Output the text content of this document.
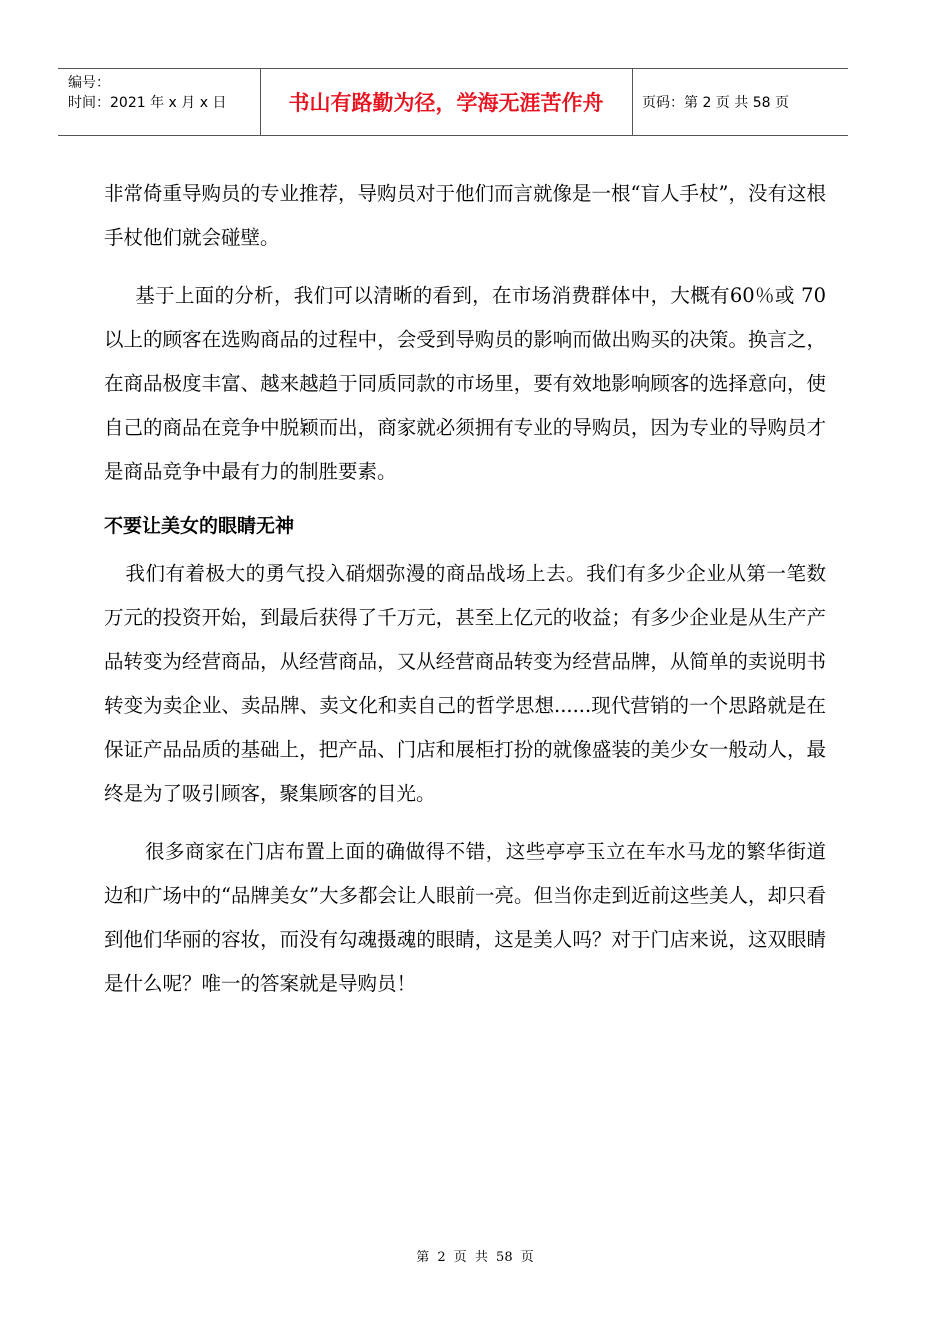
编号：
时间：2021 年 x 月 x 日	书山有路勤为径，学海无涯苦作舟	页码：第 2 页 共 58 页

非常倚重导购员的专业推荐，导购员对于他们而言就像是一根“盲人手杖”，没有这根手杖他们就会碰壁。

基于上面的分析，我们可以清晰的看到，在市场消费群体中，大概有60％或 70 以上的顾客在选购商品的过程中，会受到导购员的影响而做出购买的决策。换言之，在商品极度丰富、越来越趋于同质同款的市场里，要有效地影响顾客的选择意向，使自己的商品在竞争中脱颖而出，商家就必须拥有专业的导购员，因为专业的导购员才是商品竞争中最有力的制胜要素。

不要让美女的眼睛无神

我们有着极大的勇气投入硝烟弥漫的商品战场上去。我们有多少企业从第一笔数万元的投资开始，到最后获得了千万元，甚至上亿元的收益；有多少企业是从生产产品转变为经营商品，从经营商品，又从经营商品转变为经营品牌，从简单的卖说明书转变为卖企业、卖品牌、卖文化和卖自己的哲学思想......现代营销的一个思路就是在保证产品品质的基础上，把产品、门店和展柜打扮的就像盛装的美少女一般动人，最终是为了吸引顾客，聚集顾客的目光。

很多商家在门店布置上面的确做得不错，这些亭亭玉立在车水马龙的繁华街道边和广场中的“品牌美女”大多都会让人眼前一亮。但当你走到近前这些美人，却只看到他们华丽的容妆，而没有勾魂摄魂的眼睛，这是美人吗？对于门店来说，这双眼睛是什么呢？唯一的答案就是导购员！

第 2 页 共 58 页
